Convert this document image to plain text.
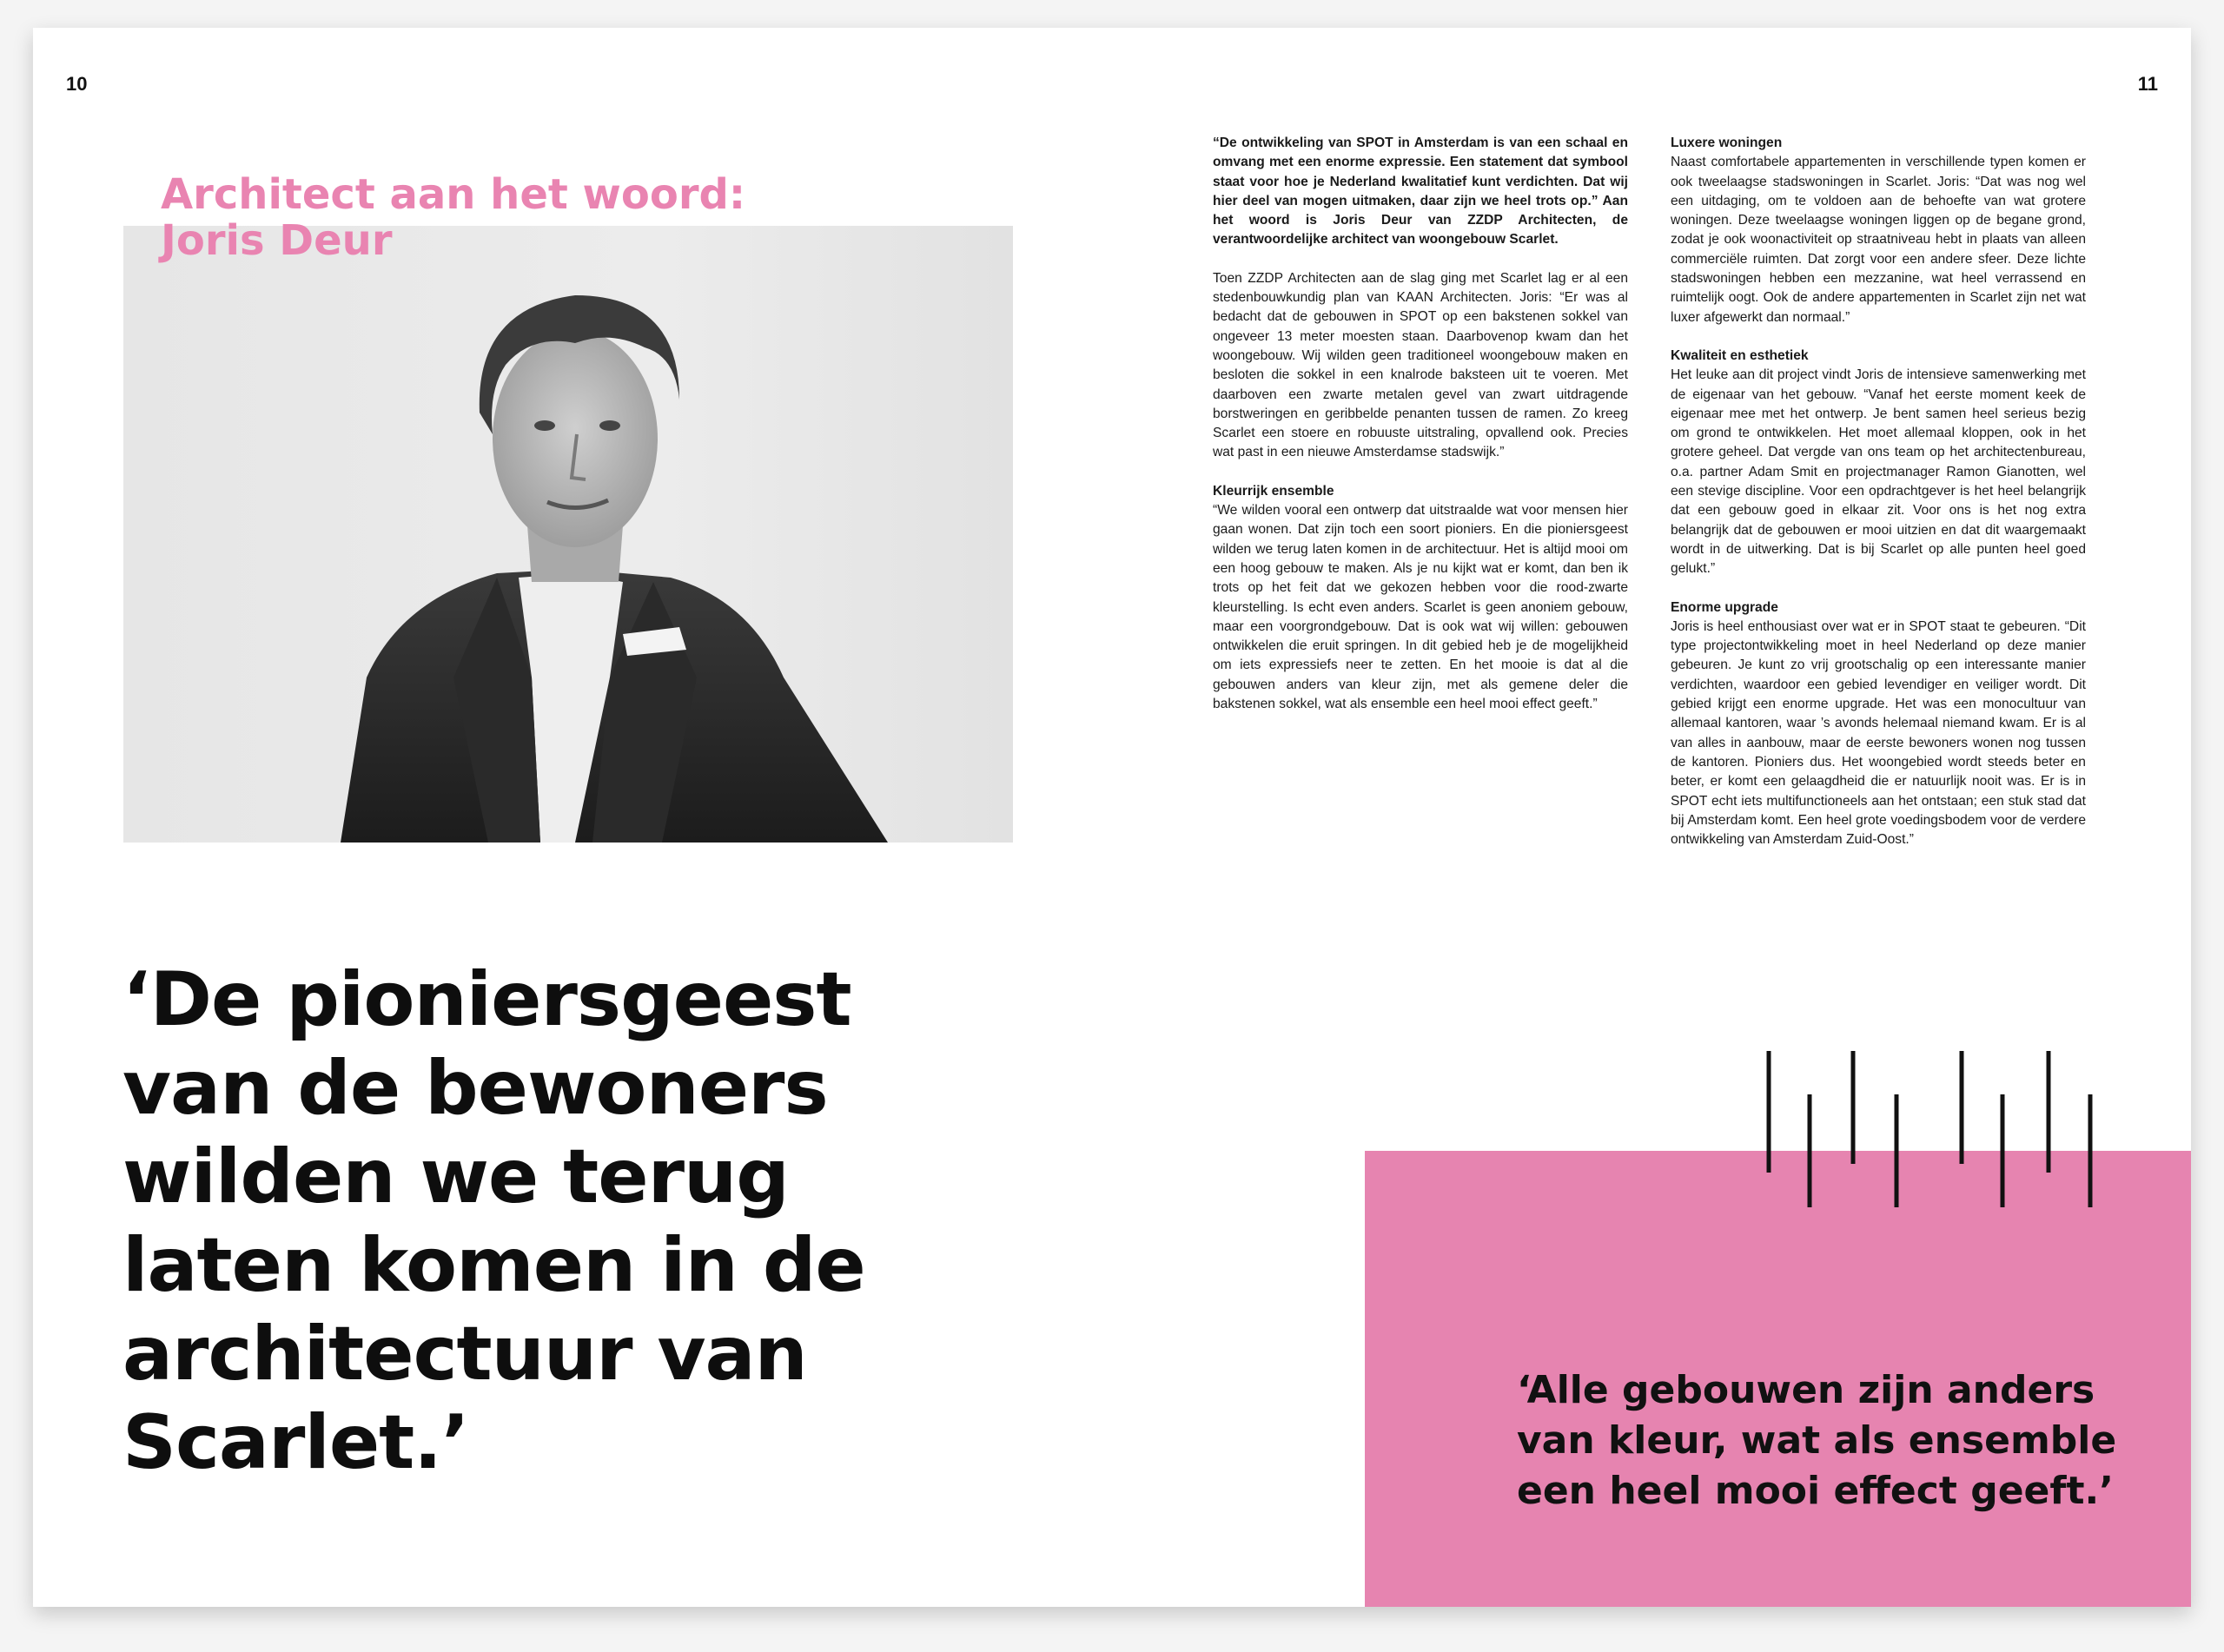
10	11
Architect aan het woord:
Joris Deur

‘De pioniersgeest van de bewoners wilden we terug laten komen in de architectuur van Scarlet.’

“De ontwikkeling van SPOT in Amsterdam is van een schaal en omvang met een enorme expressie. Een statement dat symbool staat voor hoe je Nederland kwalitatief kunt verdichten. Dat wij hier deel van mogen uitmaken, daar zijn we heel trots op.” Aan het woord is Joris Deur van ZZDP Architecten, de verantwoordelijke architect van woongebouw Scarlet.

Toen ZZDP Architecten aan de slag ging met Scarlet lag er al een stedenbouwkundig plan van KAAN Architecten. Joris: “Er was al bedacht dat de gebouwen in SPOT op een bakstenen sokkel van ongeveer 13 meter moesten staan. Daarbovenop kwam dan het woongebouw. Wij wilden geen traditioneel woongebouw maken en besloten die sokkel in een knalrode baksteen uit te voeren. Met daarboven een zwarte metalen gevel van zwart uitdragende borstweringen en geribbelde penanten tussen de ramen. Zo kreeg Scarlet een stoere en robuuste uitstraling, opvallend ook. Precies wat past in een nieuwe Amsterdamse stadswijk.”

Kleurrijk ensemble

“We wilden vooral een ontwerp dat uitstraalde wat voor mensen hier gaan wonen. Dat zijn toch een soort pioniers. En die pioniersgeest wilden we terug laten komen in de architectuur. Het is altijd mooi om een hoog gebouw te maken. Als je nu kijkt wat er komt, dan ben ik trots op het feit dat we gekozen hebben voor die rood-zwarte kleurstelling. Is echt even anders. Scarlet is geen anoniem gebouw, maar een voorgrondgebouw. Dat is ook wat wij willen: gebouwen ontwikkelen die eruit springen. In dit gebied heb je de mogelijkheid om iets expressiefs neer te zetten. En het mooie is dat al die gebouwen anders van kleur zijn, met als gemene deler die bakstenen sokkel, wat als ensemble een heel mooi effect geeft.”

Luxere woningen

Naast comfortabele appartementen in verschillende typen komen er ook tweelaagse stadswoningen in Scarlet. Joris: “Dat was nog wel een uitdaging, om te voldoen aan de behoefte van wat grotere woningen. Deze tweelaagse woningen liggen op de begane grond, zodat je ook woonactiviteit op straatniveau hebt in plaats van alleen commerciële ruimten. Dat zorgt voor een andere sfeer. Deze lichte stadswoningen hebben een mezzanine, wat heel verrassend en ruimtelijk oogt. Ook de andere appartementen in Scarlet zijn net wat luxer afgewerkt dan normaal.”

Kwaliteit en esthetiek

Het leuke aan dit project vindt Joris de intensieve samenwerking met de eigenaar van het gebouw. “Vanaf het eerste moment keek de eigenaar mee met het ontwerp. Je bent samen heel serieus bezig om grond te ontwikkelen. Het moet allemaal kloppen, ook in het grotere geheel. Dat vergde van ons team op het architectenbureau, o.a. partner Adam Smit en projectmanager Ramon Gianotten, wel een stevige discipline. Voor een opdrachtgever is het heel belangrijk dat een gebouw goed in elkaar zit. Voor ons is het nog extra belangrijk dat de gebouwen er mooi uitzien en dat dit waargemaakt wordt in de uitwerking. Dat is bij Scarlet op alle punten heel goed gelukt.”

Enorme upgrade

Joris is heel enthousiast over wat er in SPOT staat te gebeuren. “Dit type projectontwikkeling moet in heel Nederland op deze manier gebeuren. Je kunt zo vrij grootschalig op een interessante manier verdichten, waardoor een gebied levendiger en veiliger wordt. Dit gebied krijgt een enorme upgrade. Het was een monocultuur van allemaal kantoren, waar ’s avonds helemaal niemand kwam. Er is al van alles in aanbouw, maar de eerste bewoners wonen nog tussen de kantoren. Pioniers dus. Het woongebied wordt steeds beter en beter, er komt een gelaagdheid die er natuurlijk nooit was. Er is in SPOT echt iets multifunctioneels aan het ontstaan; een stuk stad dat bij Amsterdam komt. Een heel grote voedingsbodem voor de verdere ontwikkeling van Amsterdam Zuid-Oost.”

‘Alle gebouwen zijn anders van kleur, wat als ensemble een heel mooi effect geeft.’
